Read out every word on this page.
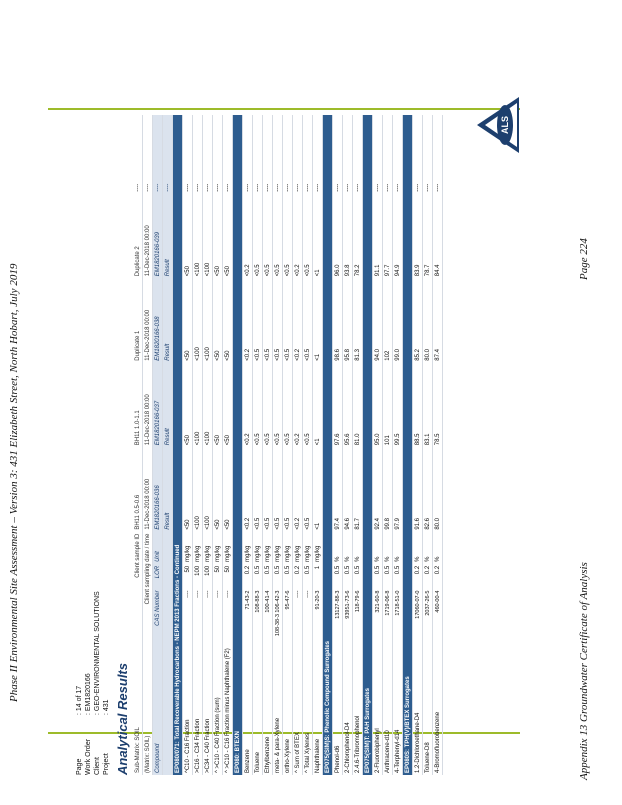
Phase II Environmental Site Assessment – Version 3: 431 Elizabeth Street, North Hobart, July 2019
Page
: 14 of 17
Work Order
: EM1820166
Client
: GEO-ENVIRONMENTAL SOLUTIONS
Project
: 431 Analytical Results
ALS
Sub-Matrix: SOIL	Client sample ID			BH11 0.5-0.6	BH11 1.0-1.1	Duplicate 1	Duplicate 2	----
(Matrix: SOIL)	Client sampling date / time			11-Dec-2018 00:00	11-Dec-2018 00:00	11-Dec-2018 00:00	11-Dec-2018 00:00	----
Compound	CAS Number	LOR	Unit	EM1820166-036	EM1820166-037	EM1820166-038	EM1820166-039	----
				Result	Result	Result	Result	----
EP080/071: Total Recoverable Hydrocarbons - NEPM 2013 Fractions - Continued								
^C10 - C16 Fraction	----	50	mg/kg	<50	<50	<50	<50	----
>C16 - C34 Fraction	----	100	mg/kg	<100	<100	<100	<100	----
>C34 - C40 Fraction	----	100	mg/kg	<100	<100	<100	<100	----
^ >C10 - C40 Fraction (sum)	----	50	mg/kg	<50	<50	<50	<50	----
^ >C10 - C16 Fraction minus Naphthalene (F2)	----	50	mg/kg	<50	<50	<50	<50	----
EP080: BTEXN								
Benzene	71-43-2	0.2	mg/kg	<0.2	<0.2	<0.2	<0.2	----
Toluene	108-88-3	0.5	mg/kg	<0.5	<0.5	<0.5	<0.5	----
Ethylbenzene	100-41-4	0.5	mg/kg	<0.5	<0.5	<0.5	<0.5	----
meta- & para-Xylene	108-38-3 106-42-3	0.5	mg/kg	<0.5	<0.5	<0.5	<0.5	----
ortho-Xylene	95-47-6	0.5	mg/kg	<0.5	<0.5	<0.5	<0.5	----
^ Sum of BTEX	----	0.2	mg/kg	<0.2	<0.2	<0.2	<0.2	----
^ Total Xylenes	----	0.5	mg/kg	<0.5	<0.5	<0.5	<0.5	----
Naphthalene	91-20-3	1	mg/kg	<1	<1	<1	<1	----
EP075(SIM)S: Phenolic Compound Surrogates								
Phenol-d6	13127-88-3	0.5	%	97.4	97.6	98.6	96.0	----
2-Chlorophenol-D4	93951-73-6	0.5	%	94.6	95.6	95.8	93.8	----
2.4.6-Tribromophenol	118-79-6	0.5	%	81.7	81.0	81.3	78.2	----
EP075(SIM)T: PAH Surrogates								
2-Fluorobiphenyl	321-60-8	0.5	%	92.4	95.0	94.0	91.1	----
Anthracene-d10	1719-06-8	0.5	%	99.8	101	102	97.7	----
4-Terphenyl-d14	1718-51-0	0.5	%	97.9	99.5	99.0	94.9	----
EP080S: TPH(V)/BTEX Surrogates								
1.2-Dichloroethane-D4	17060-07-0	0.2	%	91.6	88.5	85.2	83.9	----
Toluene-D8	2037-26-5	0.2	%	82.6	83.1	80.0	78.7	----
4-Bromofluorobenzene	460-00-4	0.2	%	80.0	78.5	87.4	84.4	----
Appendix 13 Groundwater Certificate of Analysis
Page 224
